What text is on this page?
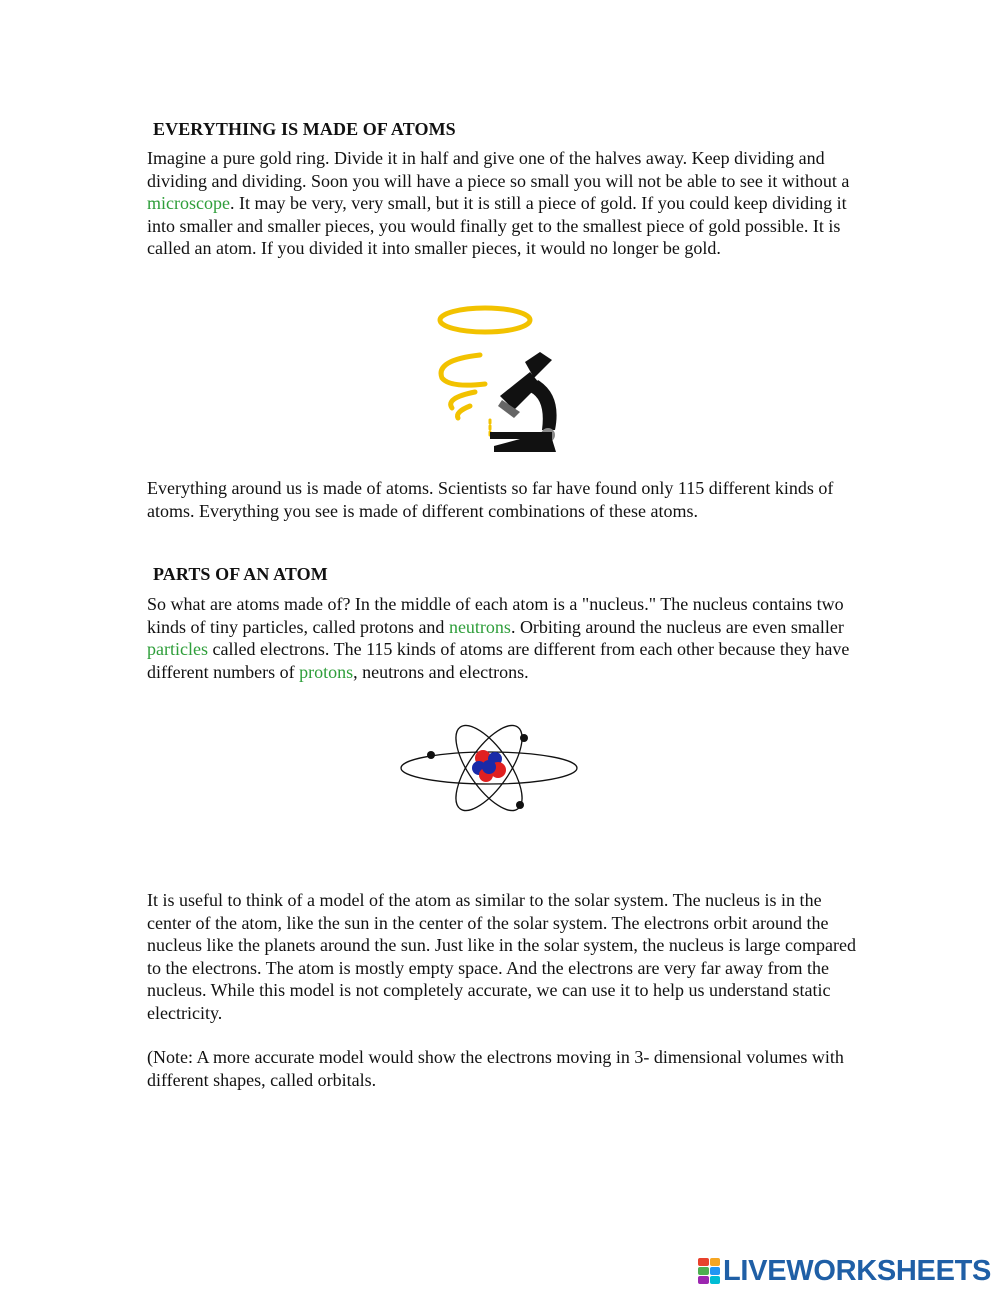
EVERYTHING IS MADE OF ATOMS

Imagine a pure gold ring. Divide it in half and give one of the halves away. Keep dividing and dividing and dividing. Soon you will have a piece so small you will not be able to see it without a microscope. It may be very, very small, but it is still a piece of gold. If you could keep dividing it into smaller and smaller pieces, you would finally get to the smallest piece of gold possible. It is called an atom. If you divided it into smaller pieces, it would no longer be gold.

Everything around us is made of atoms. Scientists so far have found only 115 different kinds of atoms. Everything you see is made of different combinations of these atoms.

PARTS OF AN ATOM

So what are atoms made of? In the middle of each atom is a "nucleus." The nucleus contains two kinds of tiny particles, called protons and neutrons. Orbiting around the nucleus are even smaller particles called electrons. The 115 kinds of atoms are different from each other because they have different numbers of protons, neutrons and electrons.

It is useful to think of a model of the atom as similar to the solar system. The nucleus is in the center of the atom, like the sun in the center of the solar system. The electrons orbit around the nucleus like the planets around the sun. Just like in the solar system, the nucleus is large compared to the electrons. The atom is mostly empty space. And the electrons are very far away from the nucleus. While this model is not completely accurate, we can use it to help us understand static electricity.

(Note: A more accurate model would show the electrons moving in 3- dimensional volumes with different shapes, called orbitals.

LIVEWORKSHEETS
